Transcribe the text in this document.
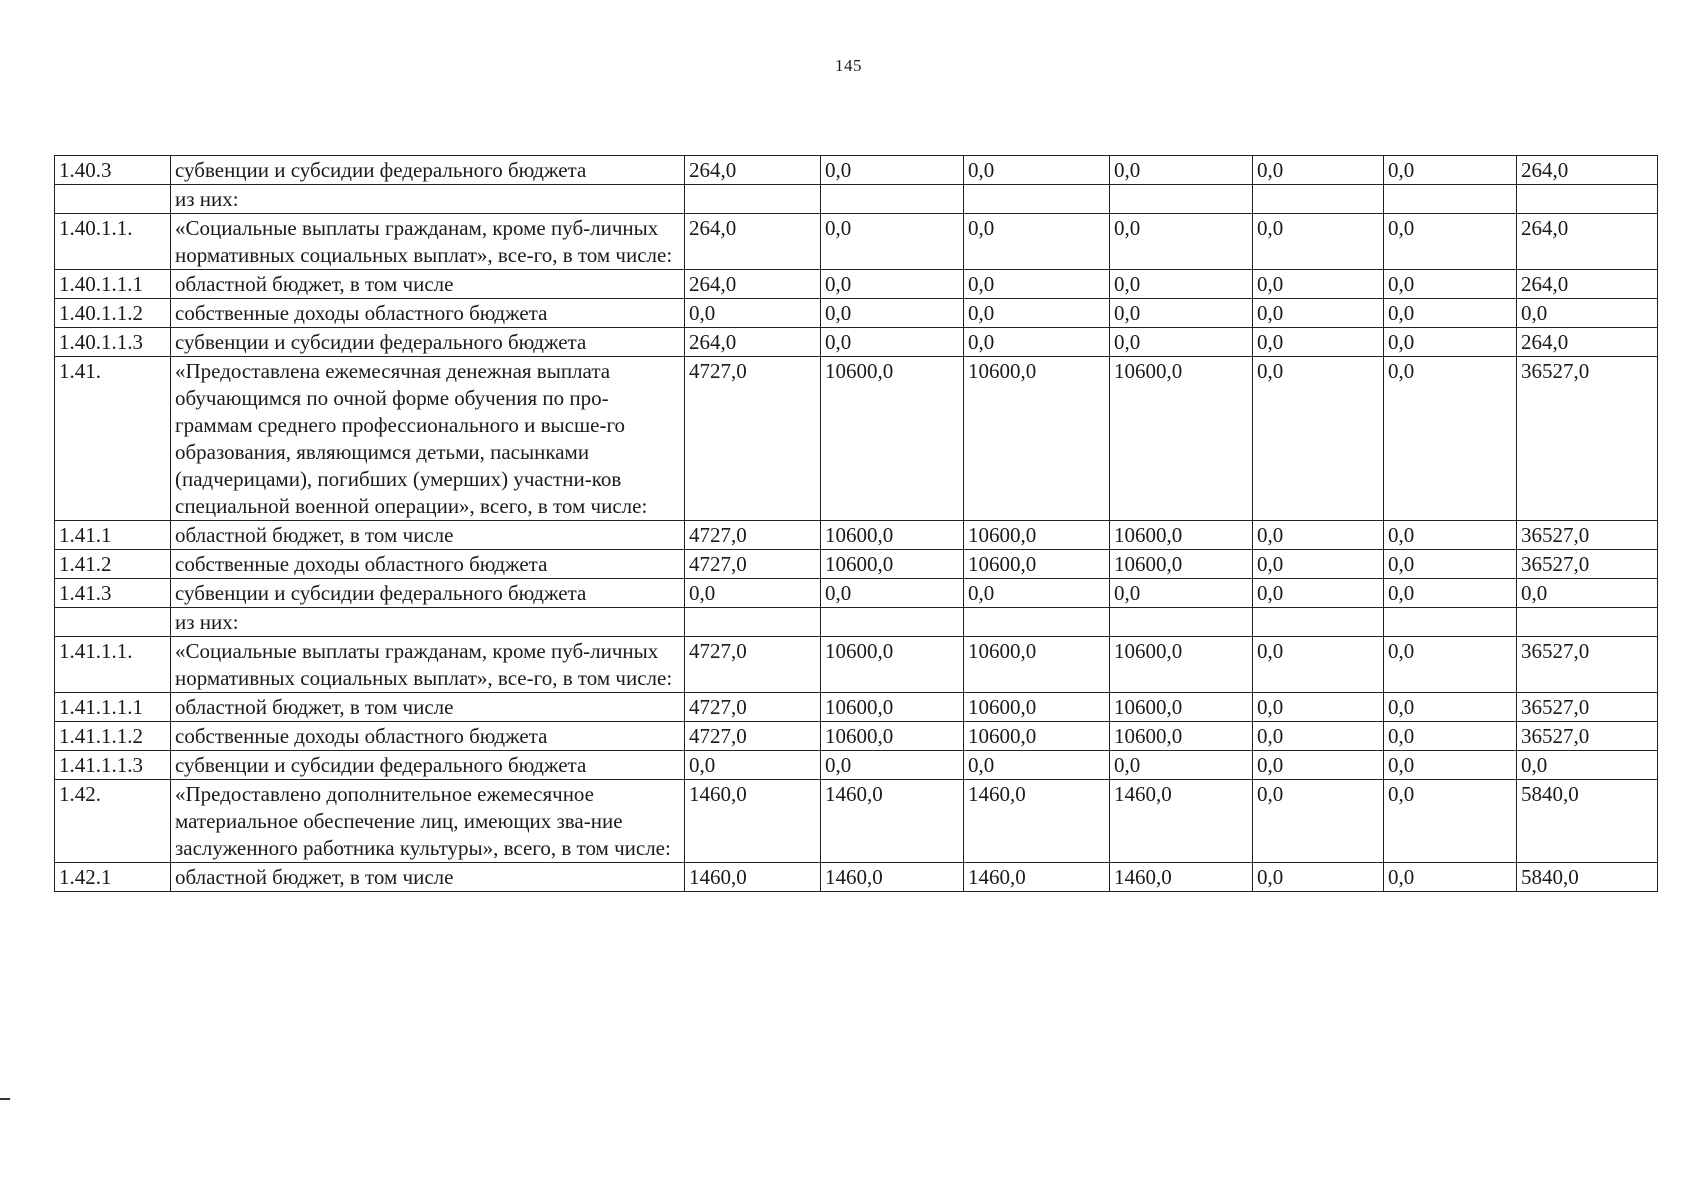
145
1.40.3	субвенции и субсидии федерального бюджета	264,0	0,0	0,0	0,0	0,0	0,0	264,0
	из них:							
1.40.1.1.	«Социальные выплаты гражданам, кроме пуб-личных нормативных социальных выплат», все-го, в том числе:	264,0	0,0	0,0	0,0	0,0	0,0	264,0
1.40.1.1.1	областной бюджет, в том числе	264,0	0,0	0,0	0,0	0,0	0,0	264,0
1.40.1.1.2	собственные доходы областного бюджета	0,0	0,0	0,0	0,0	0,0	0,0	0,0
1.40.1.1.3	субвенции и субсидии федерального бюджета	264,0	0,0	0,0	0,0	0,0	0,0	264,0
1.41.	«Предоставлена ежемесячная денежная выплата обучающимся по очной форме обучения по про-граммам среднего профессионального и высше-го образования, являющимся детьми, пасынками (падчерицами), погибших (умерших) участни-ков специальной военной операции», всего, в том числе:	4727,0	10600,0	10600,0	10600,0	0,0	0,0	36527,0
1.41.1	областной бюджет, в том числе	4727,0	10600,0	10600,0	10600,0	0,0	0,0	36527,0
1.41.2	собственные доходы областного бюджета	4727,0	10600,0	10600,0	10600,0	0,0	0,0	36527,0
1.41.3	субвенции и субсидии федерального бюджета	0,0	0,0	0,0	0,0	0,0	0,0	0,0
	из них:							
1.41.1.1.	«Социальные выплаты гражданам, кроме пуб-личных нормативных социальных выплат», все-го, в том числе:	4727,0	10600,0	10600,0	10600,0	0,0	0,0	36527,0
1.41.1.1.1	областной бюджет, в том числе	4727,0	10600,0	10600,0	10600,0	0,0	0,0	36527,0
1.41.1.1.2	собственные доходы областного бюджета	4727,0	10600,0	10600,0	10600,0	0,0	0,0	36527,0
1.41.1.1.3	субвенции и субсидии федерального бюджета	0,0	0,0	0,0	0,0	0,0	0,0	0,0
1.42.	«Предоставлено дополнительное ежемесячное материальное обеспечение лиц, имеющих зва-ние заслуженного работника культуры», всего, в том числе:	1460,0	1460,0	1460,0	1460,0	0,0	0,0	5840,0
1.42.1	областной бюджет, в том числе	1460,0	1460,0	1460,0	1460,0	0,0	0,0	5840,0
